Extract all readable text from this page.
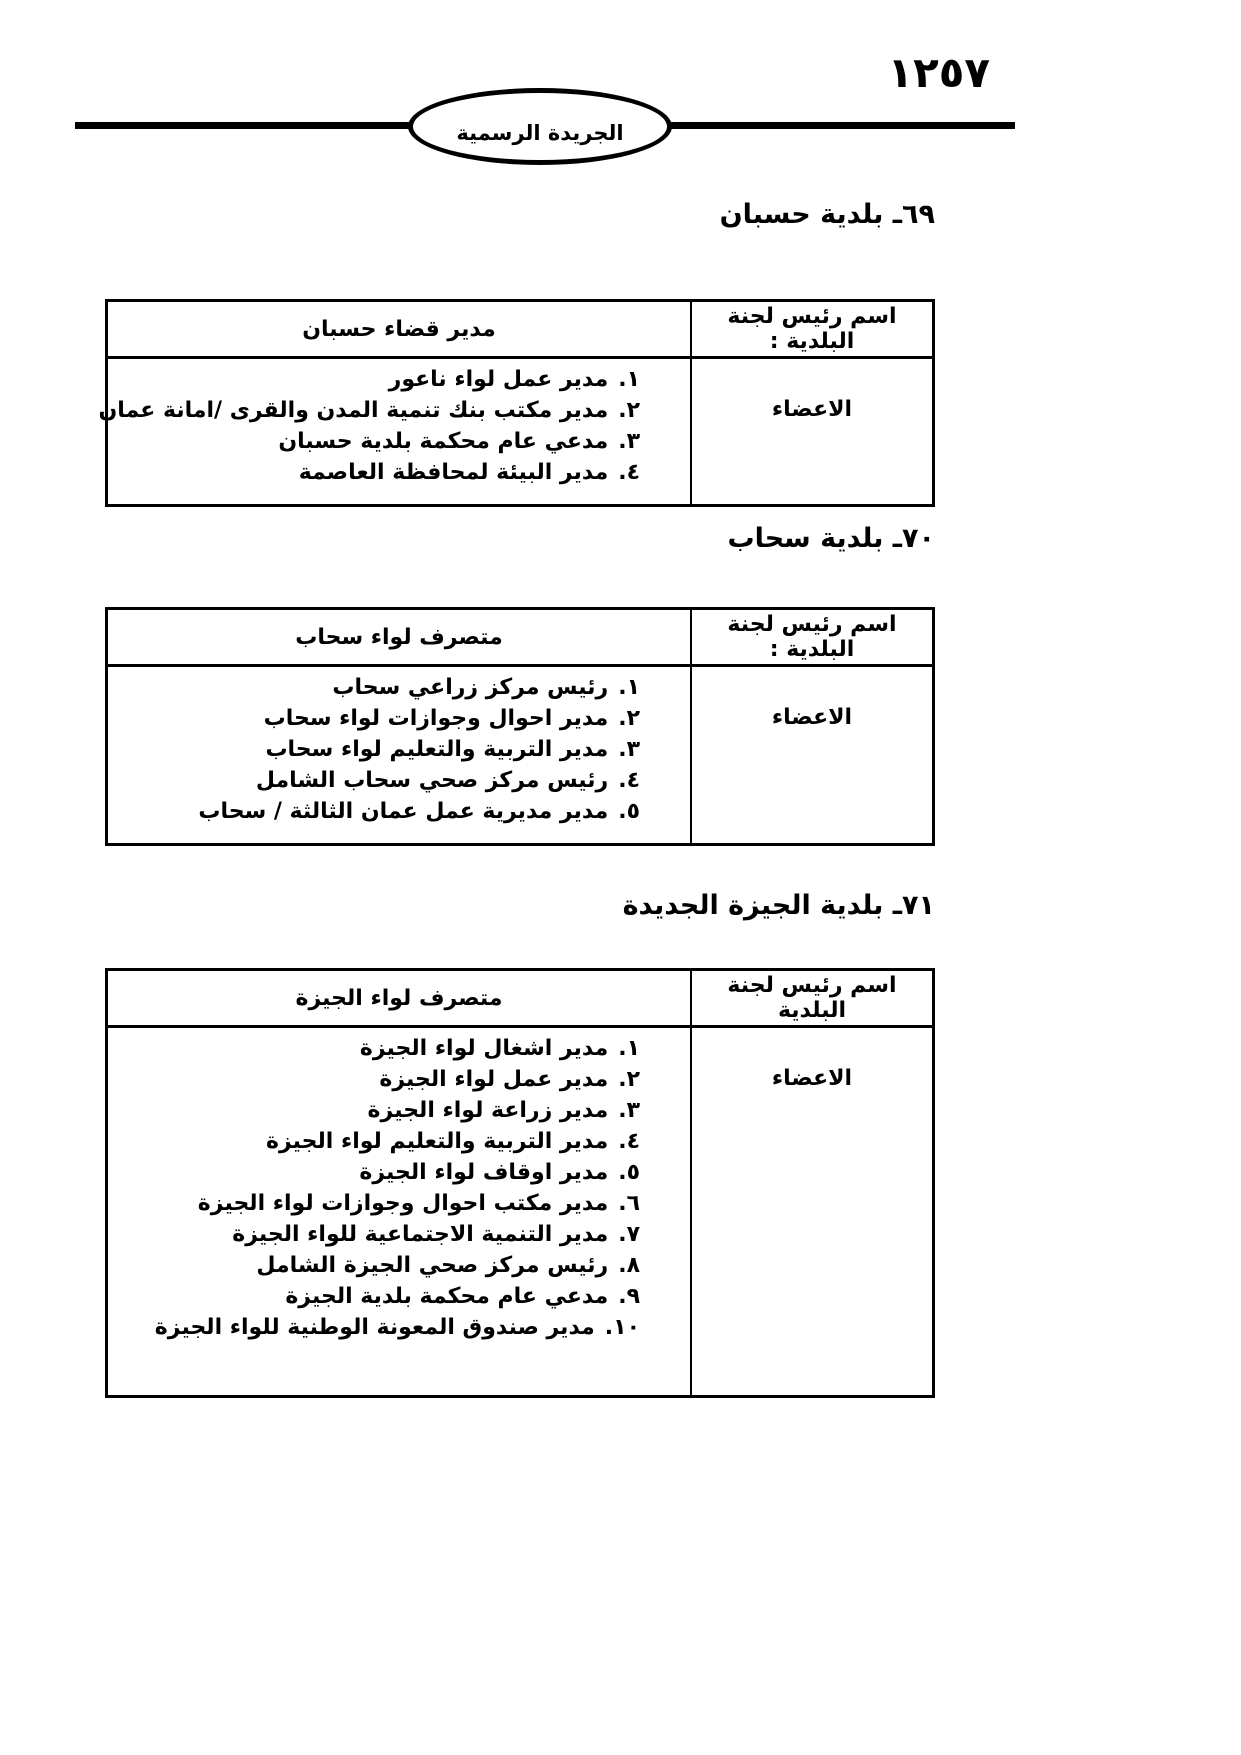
١٢٥٧
الجريدة الرسمية
٦٩ـ بلدية حسبان
اسم رئيس لجنة البلدية :	مدير قضاء حسبان
الاعضاء	١.مدير عمل لواء ناعور
٢.مدير مكتب بنك تنمية المدن والقرى /امانة عمان
٣.مدعي عام محكمة بلدية حسبان
٤.مدير البيئة لمحافظة العاصمة
٧٠ـ بلدية سحاب
اسم رئيس لجنة البلدية :	متصرف لواء سحاب
الاعضاء	١.رئيس مركز زراعي سحاب
٢.مدير احوال وجوازات لواء سحاب
٣.مدير التربية والتعليم لواء سحاب
٤.رئيس مركز صحي سحاب الشامل
٥.مدير مديرية عمل عمان الثالثة / سحاب
٧١ـ بلدية الجيزة الجديدة
اسم رئيس لجنة البلدية	متصرف لواء الجيزة
الاعضاء	
١.مدير اشغال لواء الجيزة
٢.مدير عمل لواء الجيزة
٣.مدير زراعة لواء الجيزة
٤.مدير التربية والتعليم لواء الجيزة
٥.مدير اوقاف لواء الجيزة
٦.مدير مكتب احوال وجوازات لواء الجيزة
٧.مدير التنمية الاجتماعية للواء الجيزة
٨.رئيس مركز صحي الجيزة الشامل
٩.مدعي عام محكمة بلدية الجيزة
١٠.مدير صندوق المعونة الوطنية للواء الجيزة
